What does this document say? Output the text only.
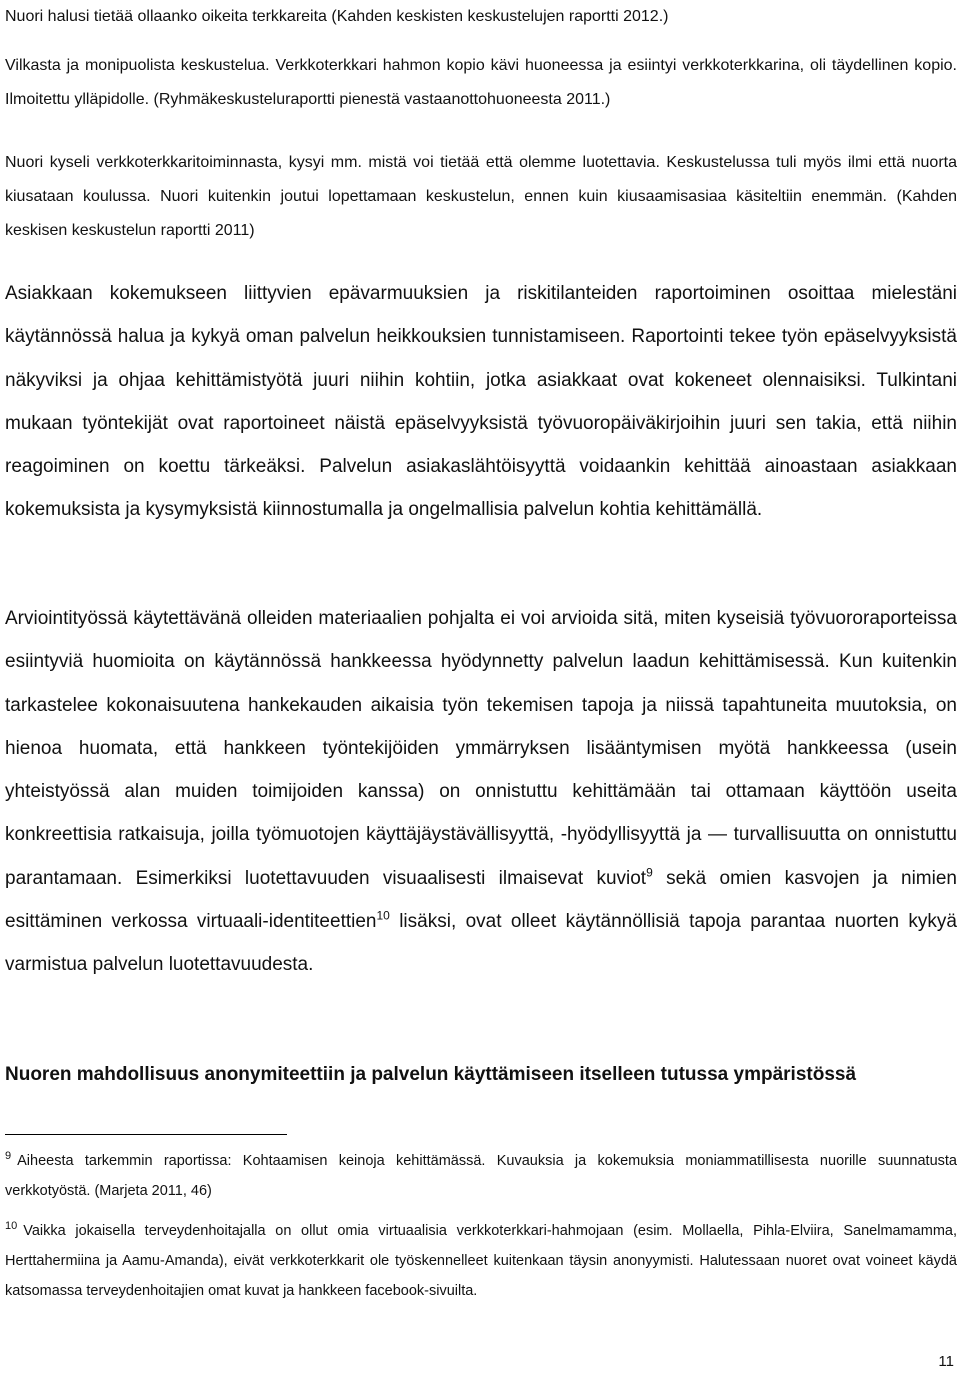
Nuori halusi tietää ollaanko oikeita terkkareita (Kahden keskisten keskustelujen raportti 2012.)

Vilkasta ja monipuolista keskustelua. Verkkoterkkari hahmon kopio kävi huoneessa ja esiintyi verkkoterkkarina, oli täydellinen kopio. Ilmoitettu ylläpidolle. (Ryhmäkeskusteluraportti pienestä vastaanottohuoneesta 2011.)

Nuori kyseli verkkoterkkaritoiminnasta, kysyi mm. mistä voi tietää että olemme luotettavia. Keskustelussa tuli myös ilmi että nuorta kiusataan koulussa. Nuori kuitenkin joutui lopettamaan keskustelun, ennen kuin kiusaamisasiaa käsiteltiin enemmän. (Kahden keskisen keskustelun raportti 2011)

Asiakkaan kokemukseen liittyvien epävarmuuksien ja riskitilanteiden raportoiminen osoittaa mielestäni käytännössä halua ja kykyä oman palvelun heikkouksien tunnistamiseen. Raportointi tekee työn epäselvyyksistä näkyviksi ja ohjaa kehittämistyötä juuri niihin kohtiin, jotka asiakkaat ovat kokeneet olennaisiksi. Tulkintani mukaan työntekijät ovat raportoineet näistä epäselvyyksistä työvuoropäiväkirjoihin juuri sen takia, että niihin reagoiminen on koettu tärkeäksi. Palvelun asiakaslähtöisyyttä voidaankin kehittää ainoastaan asiakkaan kokemuksista ja kysymyksistä kiinnostumalla ja ongelmallisia palvelun kohtia kehittämällä.

Arviointityössä käytettävänä olleiden materiaalien pohjalta ei voi arvioida sitä, miten kyseisiä työvuororaporteissa esiintyviä huomioita on käytännössä hankkeessa hyödynnetty palvelun laadun kehittämisessä. Kun kuitenkin tarkastelee kokonaisuutena hankekauden aikaisia työn tekemisen tapoja ja niissä tapahtuneita muutoksia, on hienoa huomata, että hankkeen työntekijöiden ymmärryksen lisääntymisen myötä hankkeessa (usein yhteistyössä alan muiden toimijoiden kanssa) on onnistuttu kehittämään tai ottamaan käyttöön useita konkreettisia ratkaisuja, joilla työmuotojen käyttäjäystävällisyyttä, -hyödyllisyyttä ja — turvallisuutta on onnistuttu parantamaan. Esimerkiksi luotettavuuden visuaalisesti ilmaisevat kuviot$^9$ sekä omien kasvojen ja nimien esittäminen verkossa virtuaali-identiteettien$^{10}$ lisäksi, ovat olleet käytännöllisiä tapoja parantaa nuorten kykyä varmistua palvelun luotettavuudesta.

Nuoren mahdollisuus anonymiteettiin ja palvelun käyttämiseen itselleen tutussa ympäristössä

$^9$ Aiheesta tarkemmin raportissa: Kohtaamisen keinoja kehittämässä. Kuvauksia ja kokemuksia moniammatillisesta nuorille suunnatusta verkkotyöstä. (Marjeta 2011, 46)

$^{10}$ Vaikka jokaisella terveydenhoitajalla on ollut omia virtuaalisia verkkoterkkari-hahmojaan (esim. Mollaella, Pihla-Elviira, Sanelmamamma, Herttahermiina ja Aamu-Amanda), eivät verkkoterkkarit ole työskennelleet kuitenkaan täysin anonyymisti. Halutessaan nuoret ovat voineet käydä katsomassa terveydenhoitajien omat kuvat ja hankkeen facebook-sivuilta.

11
